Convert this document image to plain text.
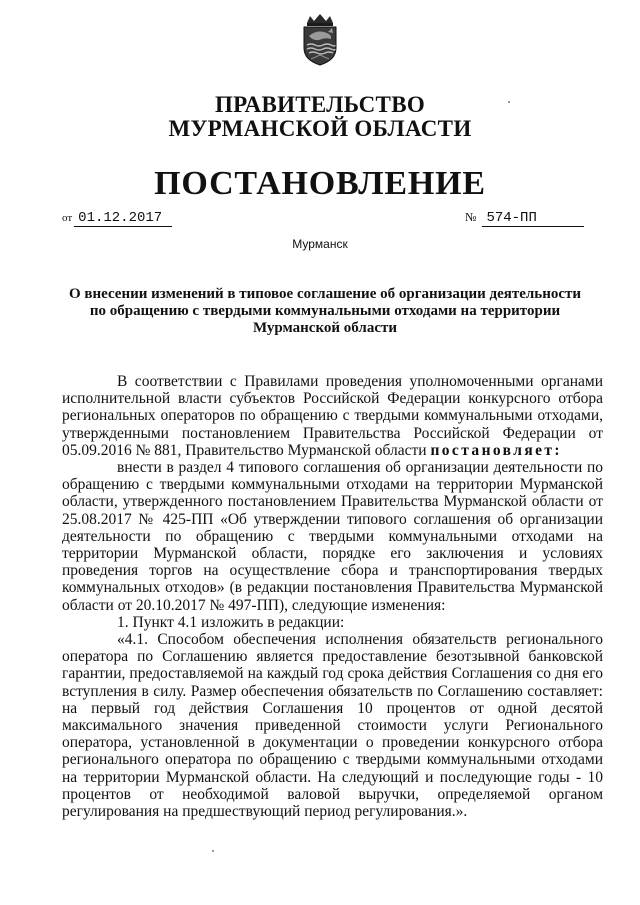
ПРАВИТЕЛЬСТВО
МУРМАНСКОЙ ОБЛАСТИ
ПОСТАНОВЛЕНИЕ
от 01.12.2017	№ 574-ПП
Мурманск
О внесении изменений в типовое соглашение об организации деятельности по обращению с твердыми коммунальными отходами на территории Мурманской области

В соответствии с Правилами проведения уполномоченными органами исполнительной власти субъектов Российской Федерации конкурсного отбора региональных операторов по обращению с твердыми коммунальными отходами, утвержденными постановлением Правительства Российской Федерации от 05.09.2016 № 881, Правительство Мурманской области постановляет:

внести в раздел 4 типового соглашения об организации деятельности по обращению с твердыми коммунальными отходами на территории Мурманской области, утвержденного постановлением Правительства Мурманской области от 25.08.2017 № 425-ПП «Об утверждении типового соглашения об организации деятельности по обращению с твердыми коммунальными отходами на территории Мурманской области, порядке его заключения и условиях проведения торгов на осуществление сбора и транспортирования твердых коммунальных отходов» (в редакции постановления Правительства Мурманской области от 20.10.2017 № 497-ПП), следующие изменения:

1. Пункт 4.1 изложить в редакции:

«4.1. Способом обеспечения исполнения обязательств регионального оператора по Соглашению является предоставление безотзывной банковской гарантии, предоставляемой на каждый год срока действия Соглашения со дня его вступления в силу. Размер обеспечения обязательств по Соглашению составляет: на первый год действия Соглашения 10 процентов от одной десятой максимального значения приведенной стоимости услуги Регионального оператора, установленной в документации о проведении конкурсного отбора регионального оператора по обращению с твердыми коммунальными отходами на территории Мурманской области. На следующий и последующие годы - 10 процентов от необходимой валовой выручки, определяемой органом регулирования на предшествующий период регулирования.».
